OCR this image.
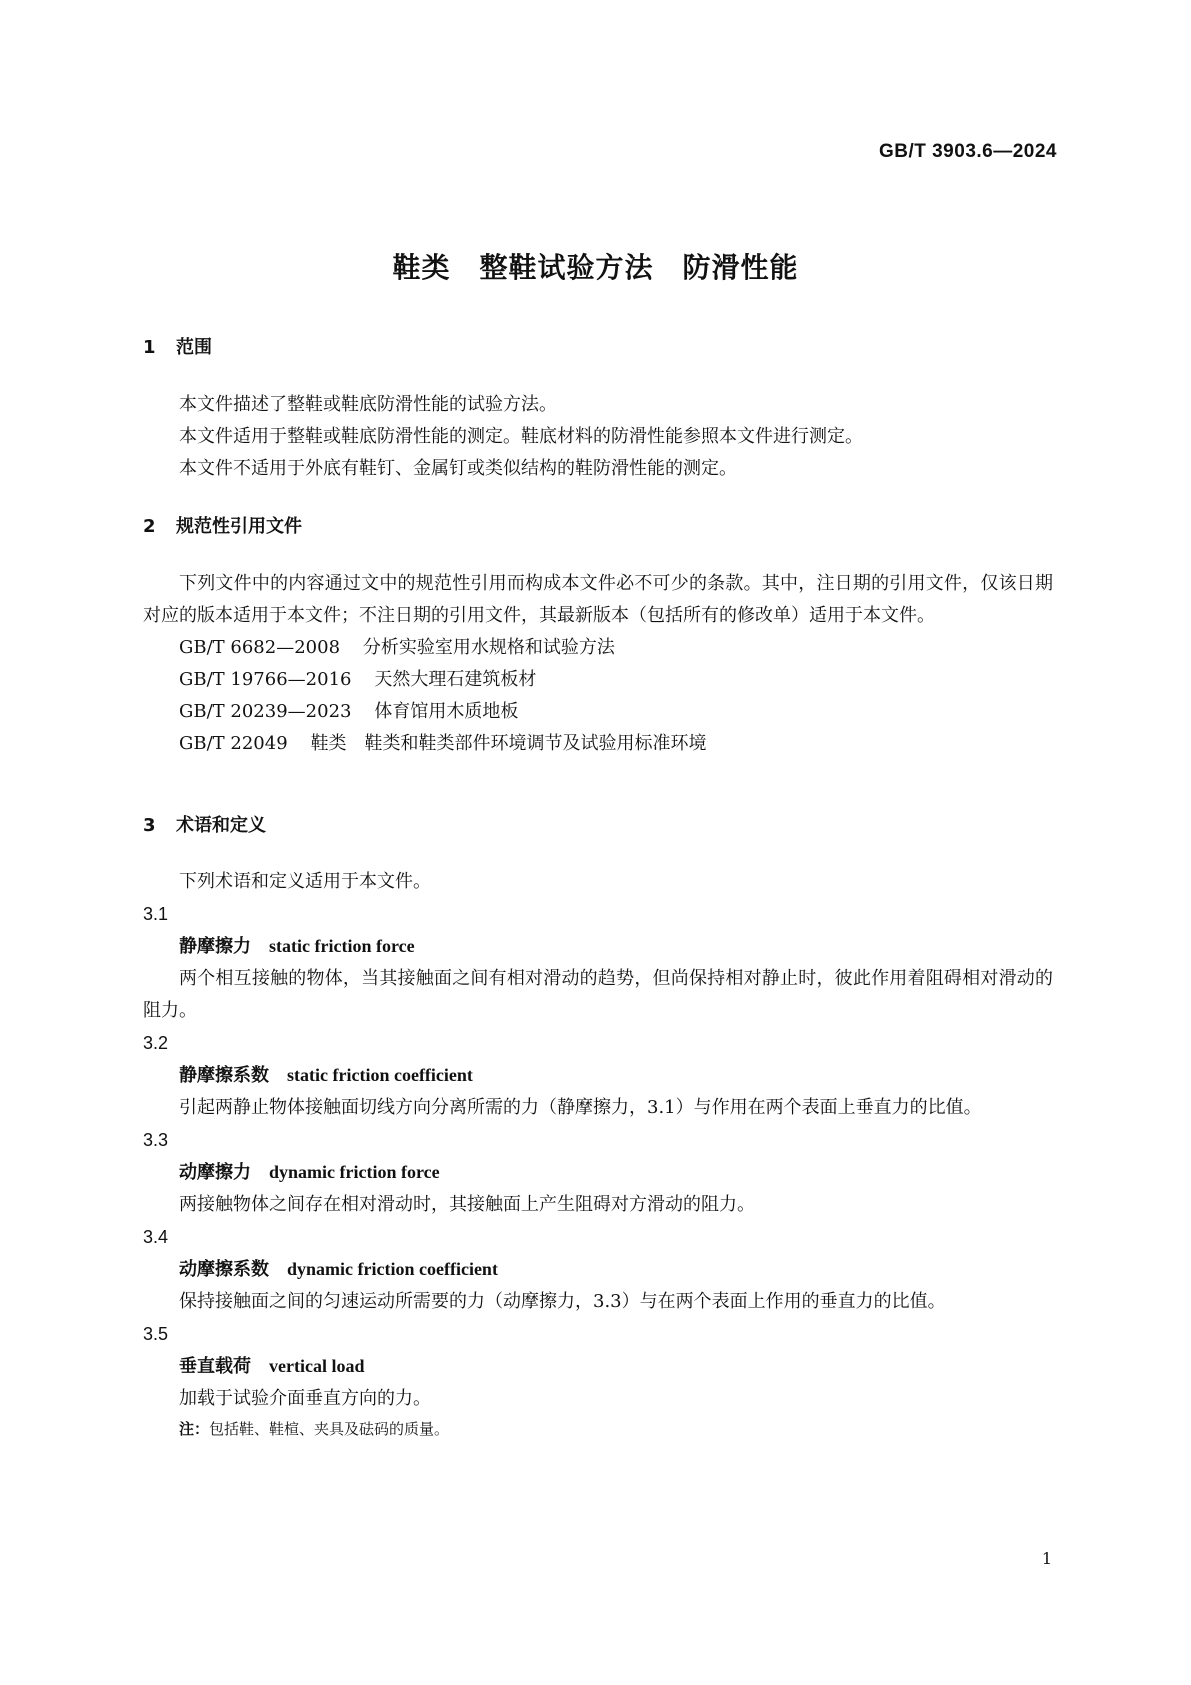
GB/T 3903.6—2024
鞋类　整鞋试验方法　防滑性能
1 范围

本文件描述了整鞋或鞋底防滑性能的试验方法。

本文件适用于整鞋或鞋底防滑性能的测定。鞋底材料的防滑性能参照本文件进行测定。

本文件不适用于外底有鞋钉、金属钉或类似结构的鞋防滑性能的测定。

2 规范性引用文件

下列文件中的内容通过文中的规范性引用而构成本文件必不可少的条款。其中，注日期的引用文件，仅该日期对应的版本适用于本文件；不注日期的引用文件，其最新版本（包括所有的修改单）适用于本文件。

GB/T 6682—2008 分析实验室用水规格和试验方法

GB/T 19766—2016 天然大理石建筑板材

GB/T 20239—2023 体育馆用木质地板

GB/T 22049 鞋类　鞋类和鞋类部件环境调节及试验用标准环境

3 术语和定义

下列术语和定义适用于本文件。

3.1

静摩擦力 static friction force

两个相互接触的物体，当其接触面之间有相对滑动的趋势，但尚保持相对静止时，彼此作用着阻碍相对滑动的阻力。

3.2

静摩擦系数 static friction coefficient

引起两静止物体接触面切线方向分离所需的力（静摩擦力，3.1）与作用在两个表面上垂直力的比值。

3.3

动摩擦力 dynamic friction force

两接触物体之间存在相对滑动时，其接触面上产生阻碍对方滑动的阻力。

3.4

动摩擦系数 dynamic friction coefficient

保持接触面之间的匀速运动所需要的力（动摩擦力，3.3）与在两个表面上作用的垂直力的比值。

3.5

垂直载荷 vertical load

加载于试验介面垂直方向的力。

注：包括鞋、鞋楦、夹具及砝码的质量。

1
